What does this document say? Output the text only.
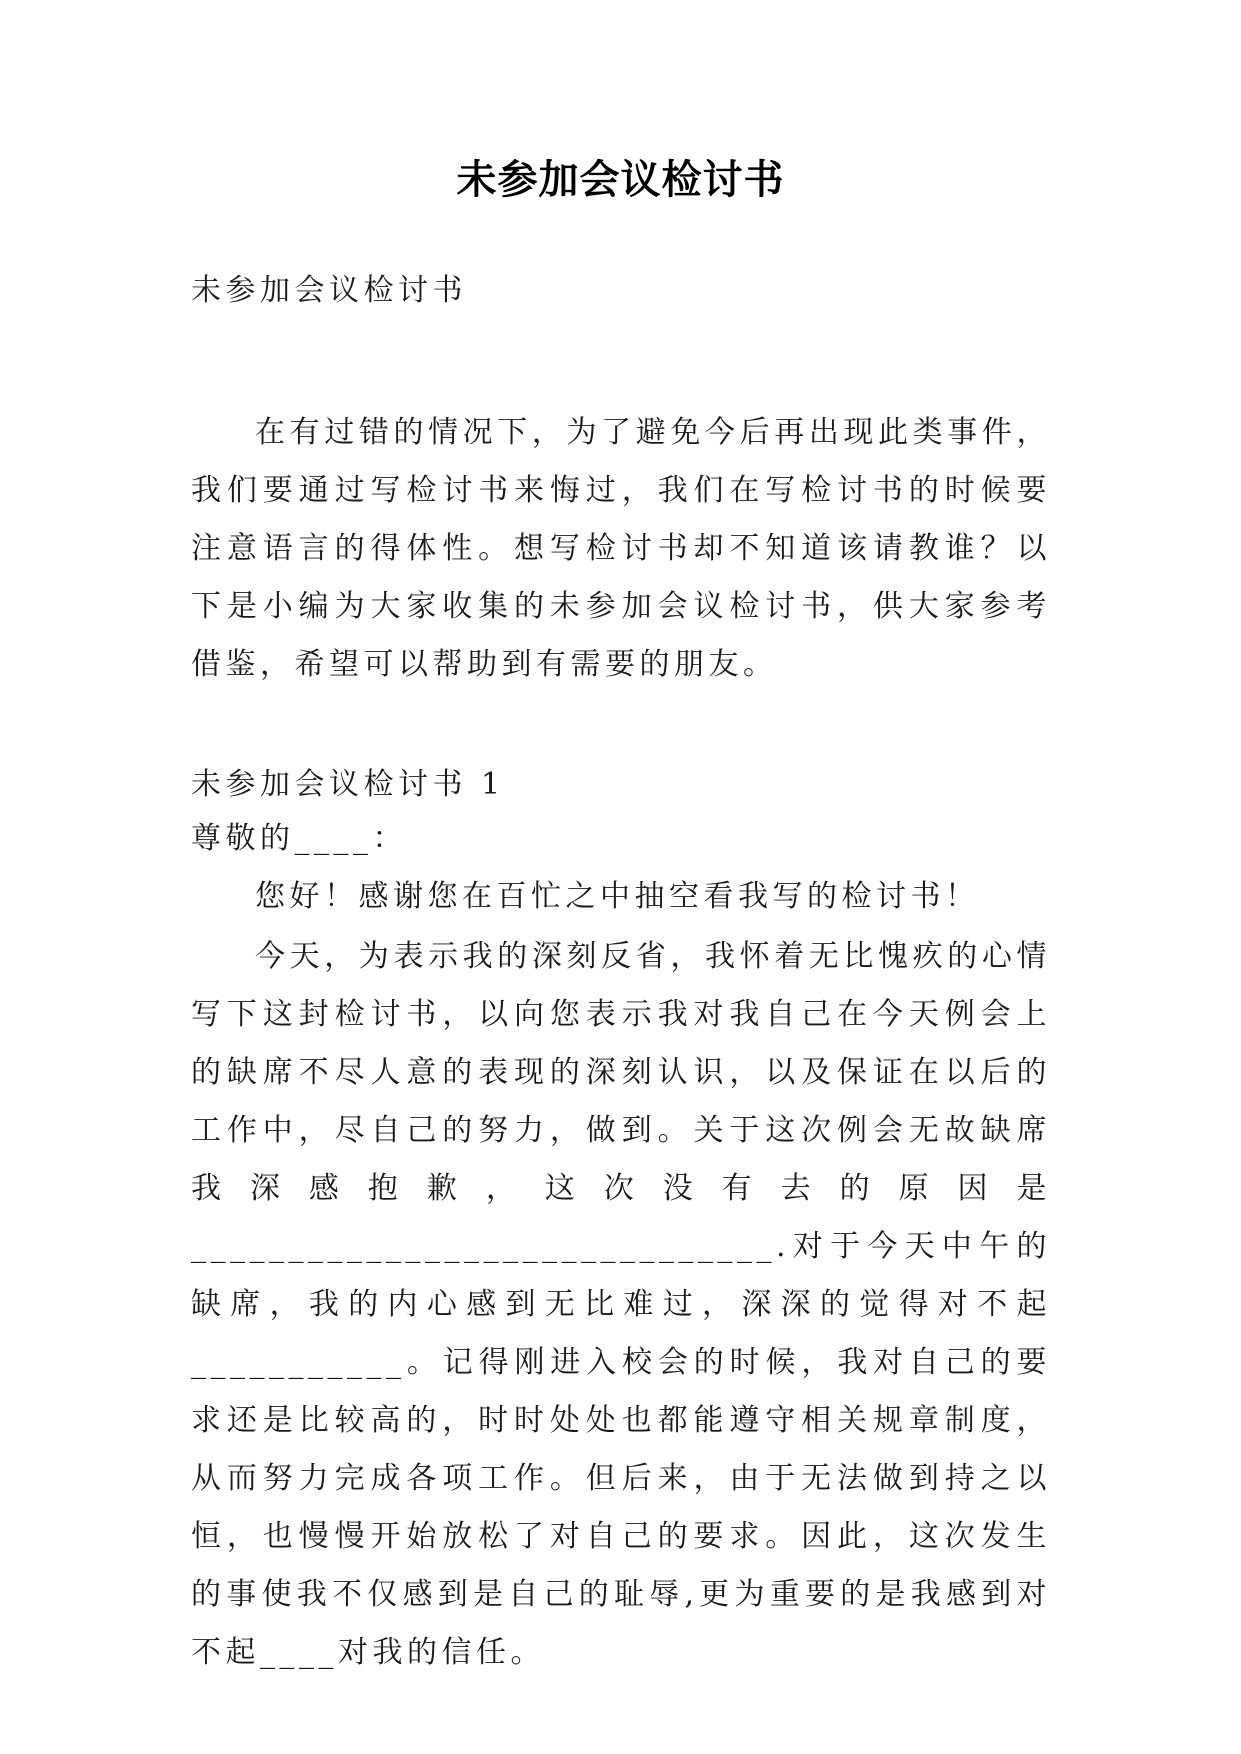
未参加会议检讨书

未参加会议检讨书

在有过错的情况下，为了避免今后再出现此类事件，我们要通过写检讨书来悔过，我们在写检讨书的时候要注意语言的得体性。想写检讨书却不知道该请教谁？以下是小编为大家收集的未参加会议检讨书，供大家参考借鉴，希望可以帮助到有需要的朋友。

未参加会议检讨书 1

尊敬的____：

您好！感谢您在百忙之中抽空看我写的检讨书！

今天，为表示我的深刻反省，我怀着无比愧疚的心情写下这封检讨书，以向您表示我对我自己在今天例会上的缺席不尽人意的表现的深刻认识，以及保证在以后的工作中，尽自己的努力，做到。关于这次例会无故缺席我深感抱歉，这次没有去的原因是______________________________.对于今天中午的缺席，我的内心感到无比难过，深深的觉得对不起___________。记得刚进入校会的时候，我对自己的要求还是比较高的，时时处处也都能遵守相关规章制度，从而努力完成各项工作。但后来，由于无法做到持之以恒，也慢慢开始放松了对自己的要求。因此，这次发生的事使我不仅感到是自己的耻辱,更为重要的是我感到对不起____对我的信任。
